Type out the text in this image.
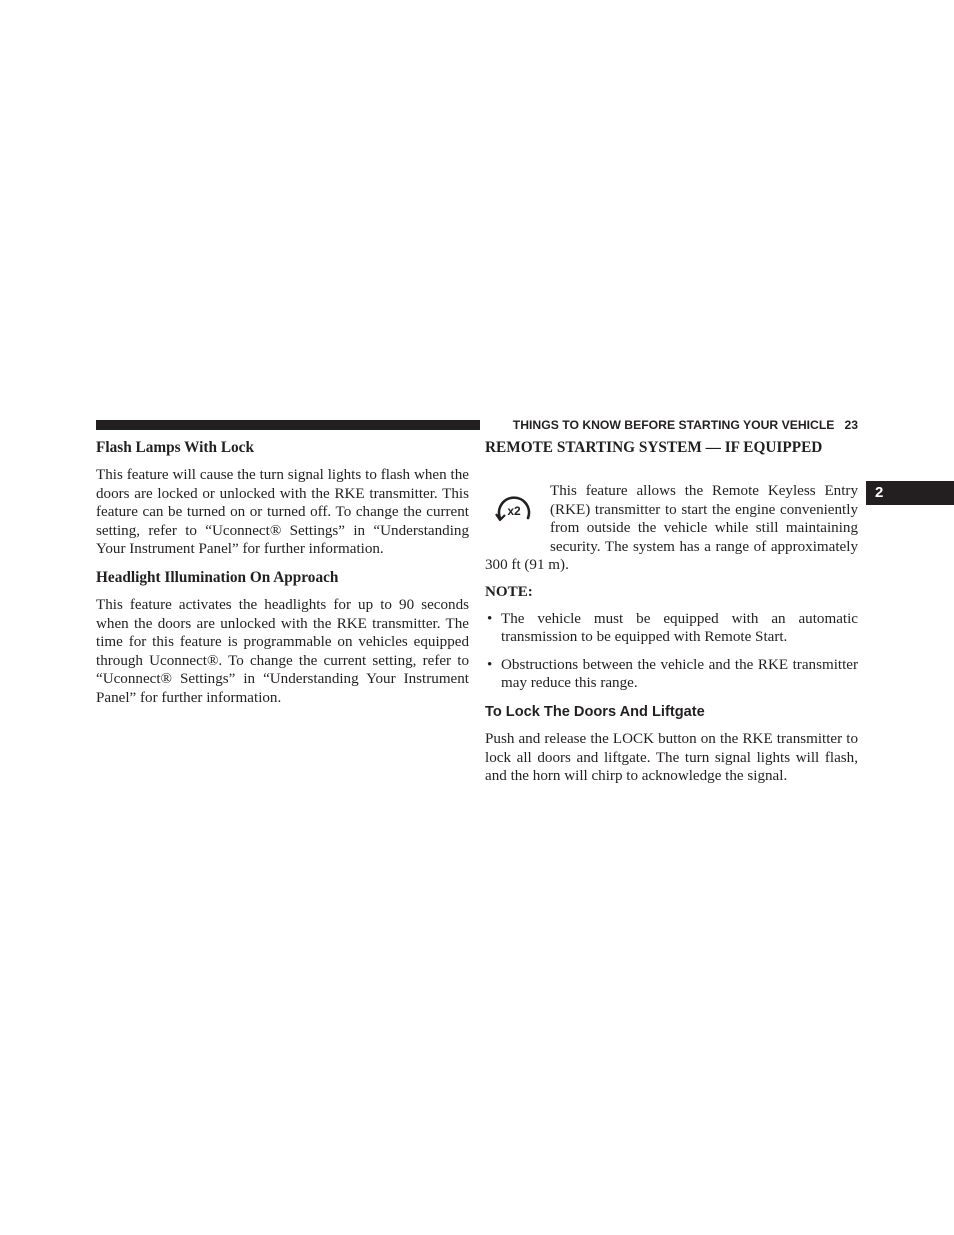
THINGS TO KNOW BEFORE STARTING YOUR VEHICLE 23
2
Flash Lamps With Lock

This feature will cause the turn signal lights to flash when the doors are locked or unlocked with the RKE transmitter. This feature can be turned on or turned off. To change the current setting, refer to “Uconnect® Settings” in “Understanding Your Instrument Panel” for further information.

Headlight Illumination On Approach

This feature activates the headlights for up to 90 seconds when the doors are unlocked with the RKE transmitter. The time for this feature is programmable on vehicles equipped through Uconnect®. To change the current setting, refer to “Uconnect® Settings” in “Understanding Your Instrument Panel” for further information.

REMOTE STARTING SYSTEM — IF EQUIPPED
x2

This feature allows the Remote Keyless Entry (RKE) transmitter to start the engine conveniently from outside the vehicle while still maintaining security. The system has a range of approximately 300 ft (91 m).

NOTE:
• The vehicle must be equipped with an automatic transmission to be equipped with Remote Start.
• Obstructions between the vehicle and the RKE transmitter may reduce this range.
To Lock The Doors And Liftgate

Push and release the LOCK button on the RKE transmitter to lock all doors and liftgate. The turn signal lights will flash, and the horn will chirp to acknowledge the signal.
